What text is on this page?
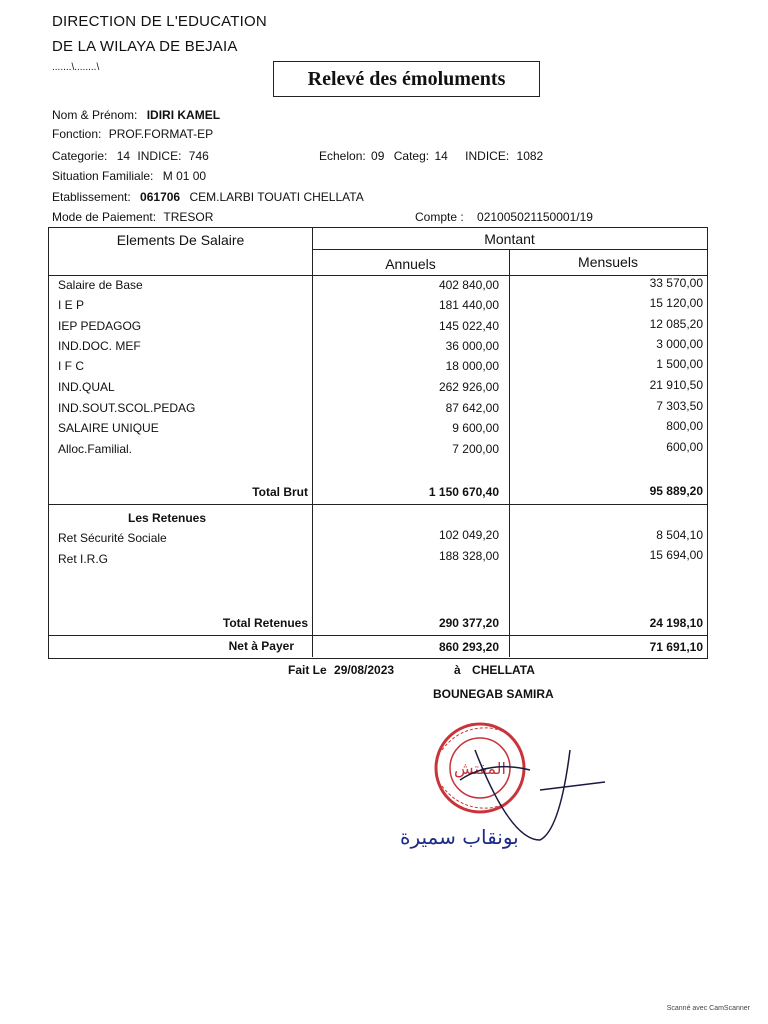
DIRECTION DE L'EDUCATION
DE LA WILAYA DE BEJAIA
.......\........\	Relevé des émoluments
Nom & Prénom: IDIRI KAMEL
Fonction: PROF.FORMAT-EP
Categorie: 14 INDICE: 746	Echelon: 09 Categ: 14 INDICE: 1082
Situation Familiale: M 01 00
Etablissement: 061706 CEM.LARBI TOUATI CHELLATA
Mode de Paiement: TRESOR	Compte : 021005021150001/19
Elements De Salaire	Montant
Annuels	Mensuels
Salaire de Base	402 840,00	33 570,00
I E P	181 440,00	15 120,00
IEP PEDAGOG	145 022,40	12 085,20
IND.DOC. MEF	36 000,00	3 000,00
I F C	18 000,00	1 500,00
IND.QUAL	262 926,00	21 910,50
IND.SOUT.SCOL.PEDAG	87 642,00	7 303,50
SALAIRE UNIQUE	9 600,00	800,00
Alloc.Familial.	7 200,00	600,00
Total Brut	1 150 670,40	95 889,20
Les Retenues
Ret Sécurité Sociale	102 049,20	8 504,10
Ret I.R.G	188 328,00	15 694,00
Total Retenues	290 377,20	24 198,10
Net à Payer	860 293,20	71 691,10
Fait Le 29/08/2023	à CHELLATA
BOUNEGAB SAMIRA
المفتش
بونقاب سميرة
Scanné avec CamScanner
